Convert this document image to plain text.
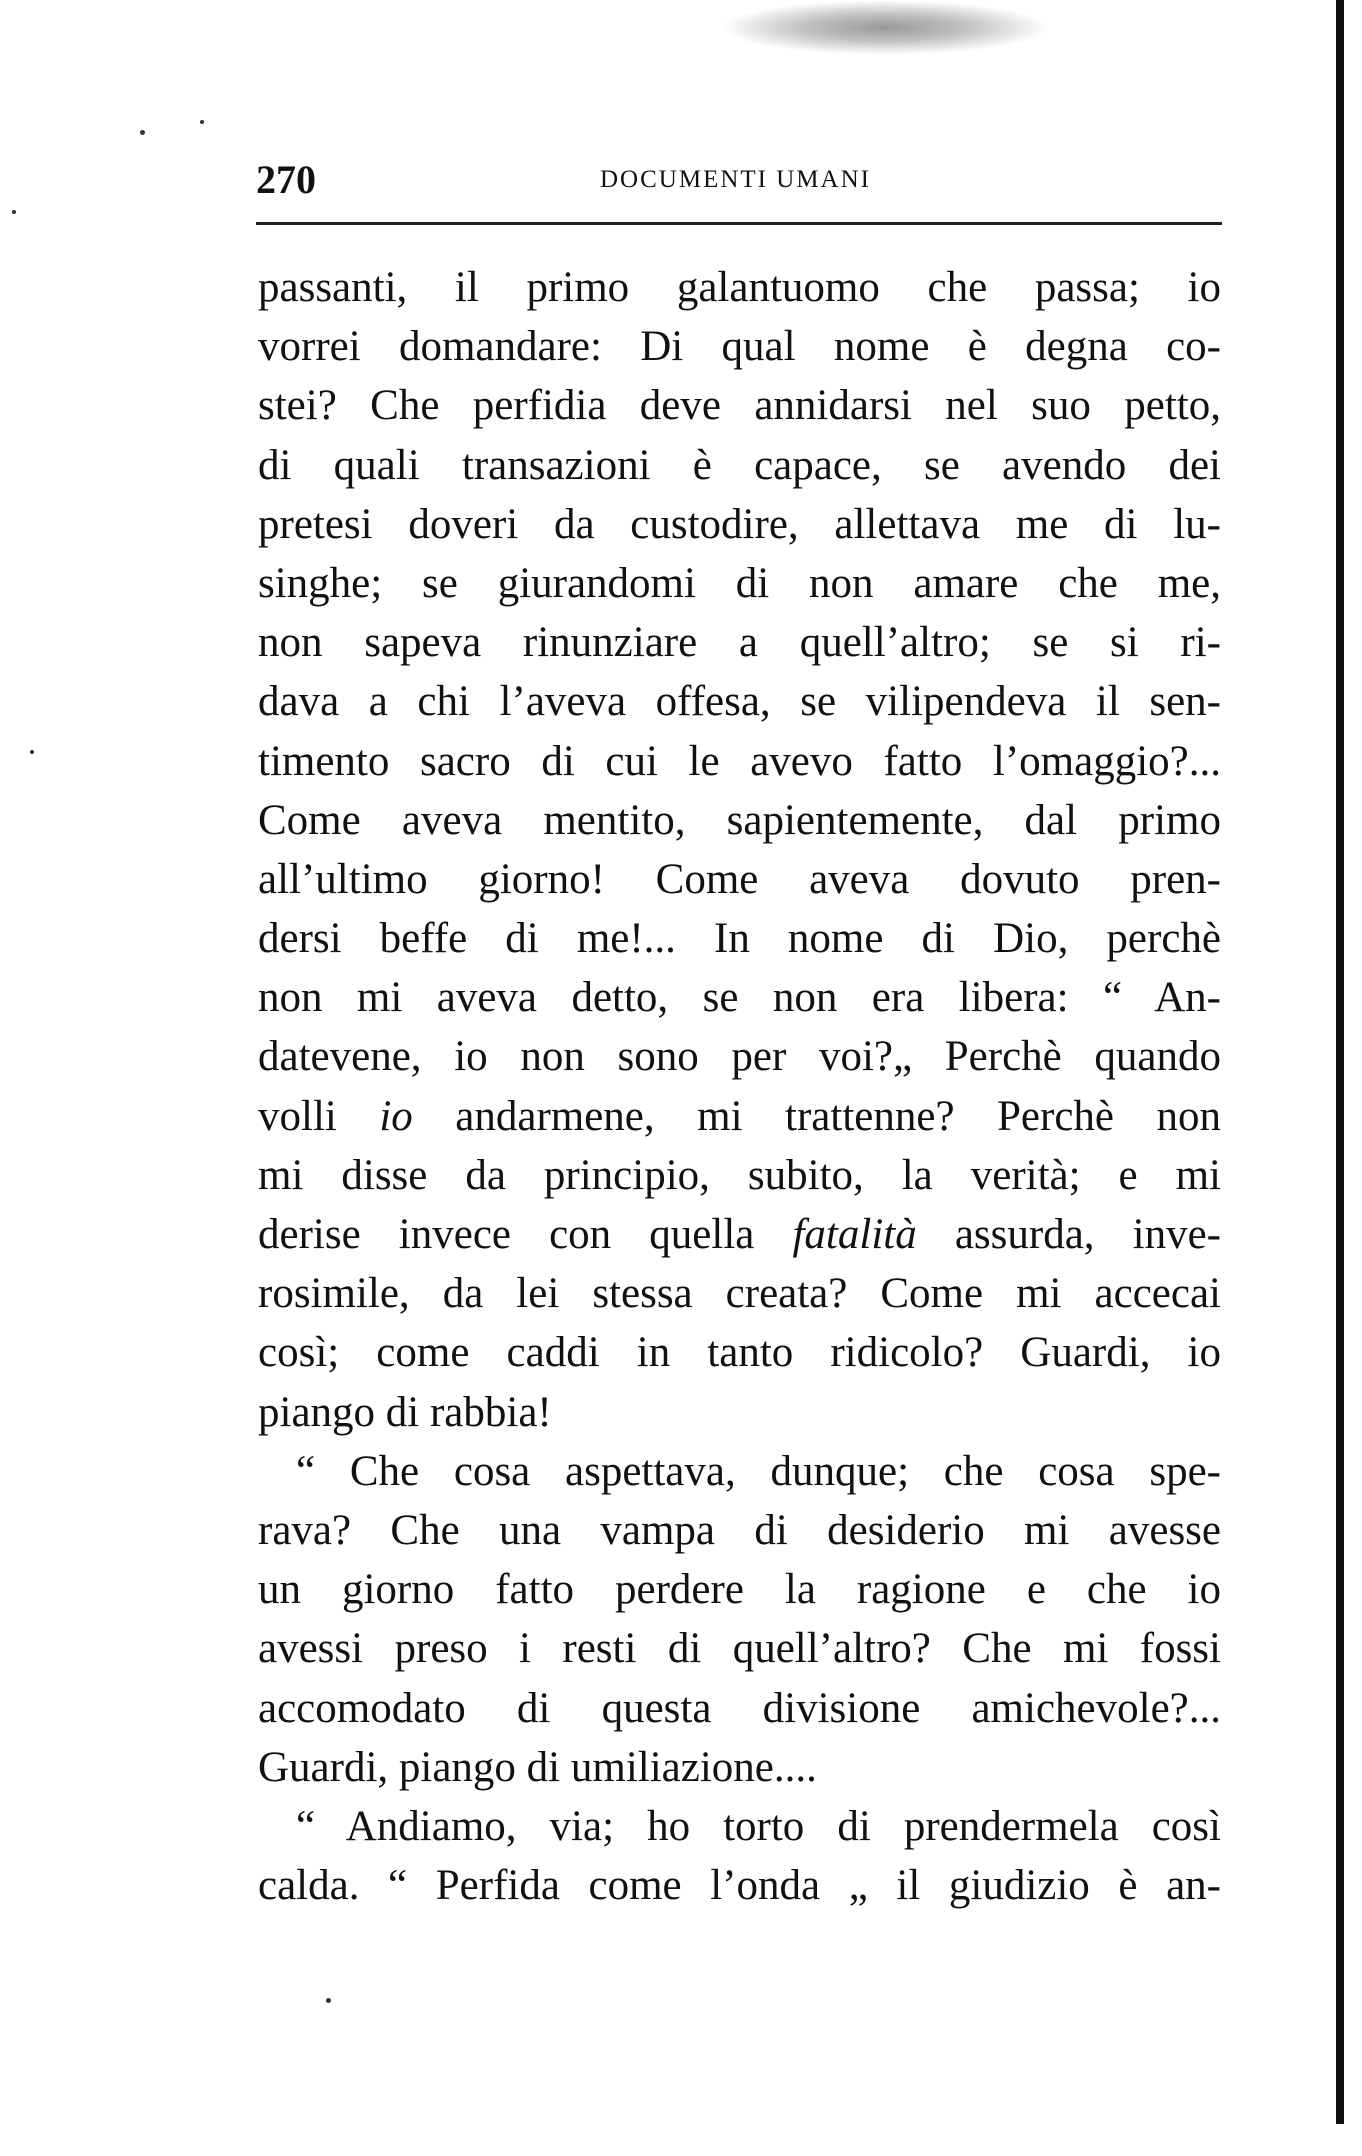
270	DOCUMENTI UMANI
passanti, il primo galantuomo che passa; io
vorrei domandare: Di qual nome è degna co-
stei? Che perfidia deve annidarsi nel suo petto,
di quali transazioni è capace, se avendo dei
pretesi doveri da custodire, allettava me di lu-
singhe; se giurandomi di non amare che me,
non sapeva rinunziare a quell’altro; se si ri-
dava a chi l’aveva offesa, se vilipendeva il sen-
timento sacro di cui le avevo fatto l’omaggio?...
Come aveva mentito, sapientemente, dal primo
all’ultimo giorno! Come aveva dovuto pren-
dersi beffe di me!... In nome di Dio, perchè
non mi aveva detto, se non era libera: “ An-
datevene, io non sono per voi?„ Perchè quando
volli io andarmene, mi trattenne? Perchè non
mi disse da principio, subito, la verità; e mi
derise invece con quella fatalità assurda, inve-
rosimile, da lei stessa creata? Come mi accecai
così; come caddi in tanto ridicolo? Guardi, io
piango di rabbia!
“ Che cosa aspettava, dunque; che cosa spe-
rava? Che una vampa di desiderio mi avesse
un giorno fatto perdere la ragione e che io
avessi preso i resti di quell’altro? Che mi fossi
accomodato di questa divisione amichevole?...
Guardi, piango di umiliazione....
“ Andiamo, via; ho torto di prendermela così
calda. “ Perfida come l’onda „ il giudizio è an-
